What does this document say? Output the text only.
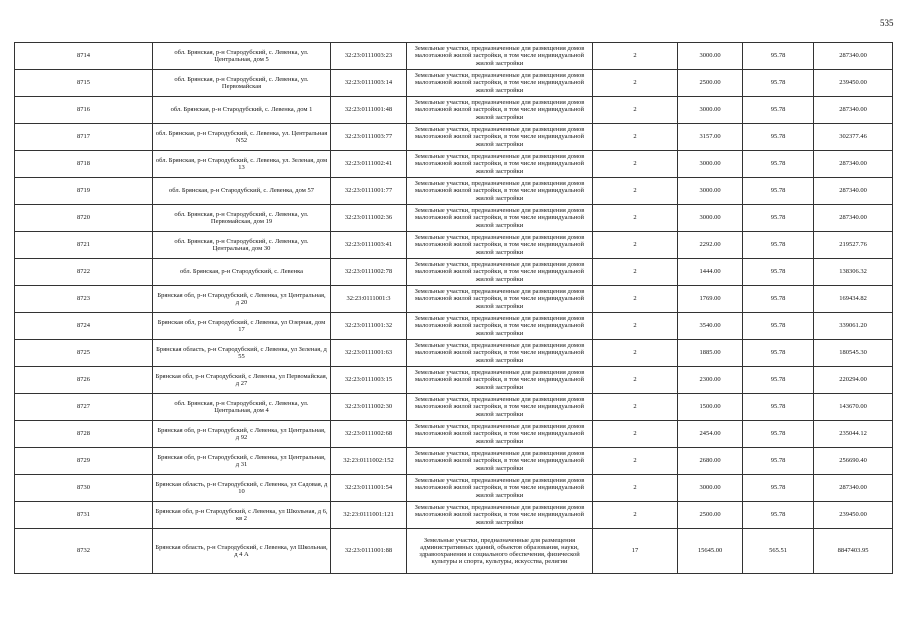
535
8714	обл. Брянская, р-н Стародубский, с. Левенка, ул. Центральная, дом 5	32:23:0111003:23	Земельные участки, предназначенные для размещения домов малоэтажной жилой застройки, в том числе индивидуальной жилой застройки	2	3000.00	95.78	287340.00
8715	обл. Брянская, р-н Стародубский, с. Левенка, ул. Первомайская	32:23:0111003:14	Земельные участки, предназначенные для размещения домов малоэтажной жилой застройки, в том числе индивидуальной жилой застройки	2	2500.00	95.78	239450.00
8716	обл. Брянская, р-н Стародубский, с. Левенка, дом 1	32:23:0111001:48	Земельные участки, предназначенные для размещения домов малоэтажной жилой застройки, в том числе индивидуальной жилой застройки	2	3000.00	95.78	287340.00
8717	обл. Брянская, р-н Стародубский, с. Левенка, ул. Центральная N52	32:23:0111003:77	Земельные участки, предназначенные для размещения домов малоэтажной жилой застройки, в том числе индивидуальной жилой застройки	2	3157.00	95.78	302377.46
8718	обл. Брянская, р-н Стародубский, с. Левенка, ул. Зеленая, дом 13	32:23:0111002:41	Земельные участки, предназначенные для размещения домов малоэтажной жилой застройки, в том числе индивидуальной жилой застройки	2	3000.00	95.78	287340.00
8719	обл. Брянская, р-н Стародубский, с. Левенка, дом 57	32:23:0111001:77	Земельные участки, предназначенные для размещения домов малоэтажной жилой застройки, в том числе индивидуальной жилой застройки	2	3000.00	95.78	287340.00
8720	обл. Брянская, р-н Стародубский, с. Левенка, ул. Первомайская, дом 19	32:23:0111002:36	Земельные участки, предназначенные для размещения домов малоэтажной жилой застройки, в том числе индивидуальной жилой застройки	2	3000.00	95.78	287340.00
8721	обл. Брянская, р-н Стародубский, с. Левенка, ул. Центральная, дом 30	32:23:0111003:41	Земельные участки, предназначенные для размещения домов малоэтажной жилой застройки, в том числе индивидуальной жилой застройки	2	2292.00	95.78	219527.76
8722	обл. Брянская, р-н Стародубский, с. Левенка	32:23:0111002:78	Земельные участки, предназначенные для размещения домов малоэтажной жилой застройки, в том числе индивидуальной жилой застройки	2	1444.00	95.78	138306.32
8723	Брянская обл, р-н Стародубский, с Левенка, ул Центральная, д 20	32:23:0111001:3	Земельные участки, предназначенные для размещения домов малоэтажной жилой застройки, в том числе индивидуальной жилой застройки	2	1769.00	95.78	169434.82
8724	Брянская обл, р-н Стародубский, с Левенка, ул Озерная, дом 17	32:23:0111001:32	Земельные участки, предназначенные для размещения домов малоэтажной жилой застройки, в том числе индивидуальной жилой застройки	2	3540.00	95.78	339061.20
8725	Брянская область, р-н Стародубский, с Левенка, ул Зеленая, д 55	32:23:0111001:63	Земельные участки, предназначенные для размещения домов малоэтажной жилой застройки, в том числе индивидуальной жилой застройки	2	1885.00	95.78	180545.30
8726	Брянская обл, р-н Стародубский, с Левенка, ул Первомайская, д 27	32:23:0111003:15	Земельные участки, предназначенные для размещения домов малоэтажной жилой застройки, в том числе индивидуальной жилой застройки	2	2300.00	95.78	220294.00
8727	обл. Брянская, р-н Стародубский, с. Левенка, ул. Центральная, дом 4	32:23:0111002:30	Земельные участки, предназначенные для размещения домов малоэтажной жилой застройки, в том числе индивидуальной жилой застройки	2	1500.00	95.78	143670.00
8728	Брянская обл, р-н Стародубский, с Левенка, ул Центральная, д 92	32:23:0111002:68	Земельные участки, предназначенные для размещения домов малоэтажной жилой застройки, в том числе индивидуальной жилой застройки	2	2454.00	95.78	235044.12
8729	Брянская обл, р-н Стародубский, с Левенка, ул Центральная, д 31	32:23:0111002:152	Земельные участки, предназначенные для размещения домов малоэтажной жилой застройки, в том числе индивидуальной жилой застройки	2	2680.00	95.78	256690.40
8730	Брянская область, р-н Стародубский, с Левенка, ул Садовая, д 10	32:23:0111001:54	Земельные участки, предназначенные для размещения домов малоэтажной жилой застройки, в том числе индивидуальной жилой застройки	2	3000.00	95.78	287340.00
8731	Брянская обл, р-н Стародубский, с Левенка, ул Школьная, д 6, кв 2	32:23:0111001:121	Земельные участки, предназначенные для размещения домов малоэтажной жилой застройки, в том числе индивидуальной жилой застройки	2	2500.00	95.78	239450.00
8732	Брянская область, р-н Стародубский, с Левенка, ул Школьная, д 4 А	32:23:0111001:88	Земельные участки, предназначенные для размещения административных зданий, объектов образования, науки, здравоохранения и социального обеспечения, физической культуры и спорта, культуры, искусства, религии	17	15645.00	565.51	8847403.95
